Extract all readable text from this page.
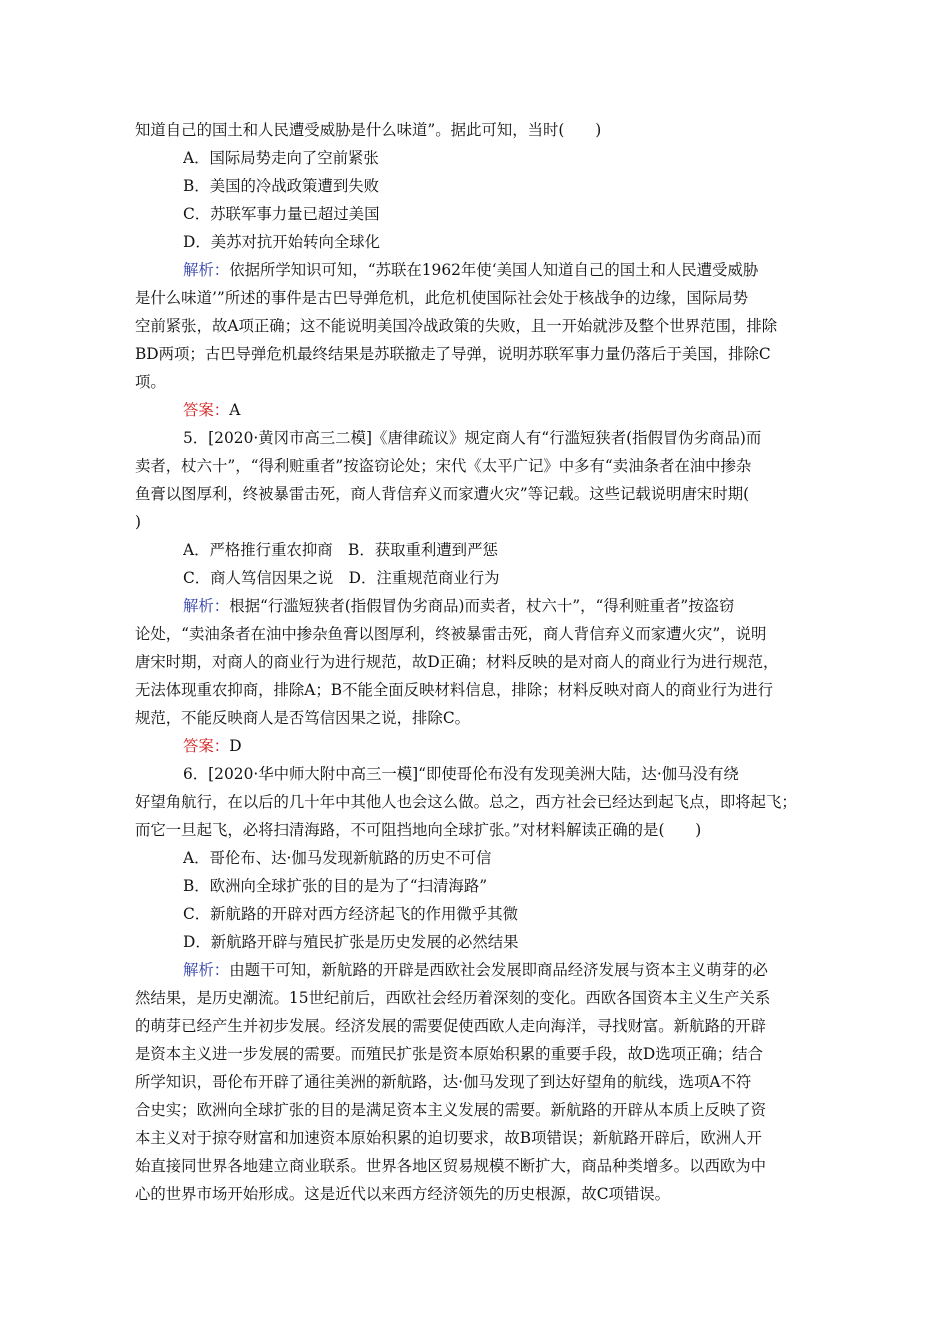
知道自己的国土和人民遭受威胁是什么味道”。据此可知，当时(　　)
A．国际局势走向了空前紧张
B．美国的冷战政策遭到失败
C．苏联军事力量已超过美国
D．美苏对抗开始转向全球化
解析：依据所学知识可知，“苏联在1962年使‘美国人知道自己的国土和人民遭受威胁
是什么味道’”所述的事件是古巴导弹危机，此危机使国际社会处于核战争的边缘，国际局势
空前紧张，故A项正确；这不能说明美国冷战政策的失败，且一开始就涉及整个世界范围，排除
BD两项；古巴导弹危机最终结果是苏联撤走了导弹，说明苏联军事力量仍落后于美国，排除C
项。
答案：A
5．[2020·黄冈市高三二模]《唐律疏议》规定商人有“行滥短狭者(指假冒伪劣商品)而
卖者，杖六十”，“得利赃重者”按盗窃论处；宋代《太平广记》中多有“卖油条者在油中掺杂
鱼膏以图厚利，终被暴雷击死，商人背信弃义而家遭火灾”等记载。这些记载说明唐宋时期(
)
A．严格推行重农抑商　B．获取重利遭到严惩
C．商人笃信因果之说　D．注重规范商业行为
解析：根据“行滥短狭者(指假冒伪劣商品)而卖者，杖六十”，“得利赃重者”按盗窃
论处，“卖油条者在油中掺杂鱼膏以图厚利，终被暴雷击死，商人背信弃义而家遭火灾”，说明
唐宋时期，对商人的商业行为进行规范，故D正确；材料反映的是对商人的商业行为进行规范，
无法体现重农抑商，排除A；B不能全面反映材料信息，排除；材料反映对商人的商业行为进行
规范，不能反映商人是否笃信因果之说，排除C。
答案：D
6．[2020·华中师大附中高三一模]“即使哥伦布没有发现美洲大陆，达·伽马没有绕
好望角航行，在以后的几十年中其他人也会这么做。总之，西方社会已经达到起飞点，即将起飞；
而它一旦起飞，必将扫清海路，不可阻挡地向全球扩张。”对材料解读正确的是(　　)
A．哥伦布、达·伽马发现新航路的历史不可信
B．欧洲向全球扩张的目的是为了“扫清海路”
C．新航路的开辟对西方经济起飞的作用微乎其微
D．新航路开辟与殖民扩张是历史发展的必然结果
解析：由题干可知，新航路的开辟是西欧社会发展即商品经济发展与资本主义萌芽的必
然结果，是历史潮流。15世纪前后，西欧社会经历着深刻的变化。西欧各国资本主义生产关系
的萌芽已经产生并初步发展。经济发展的需要促使西欧人走向海洋，寻找财富。新航路的开辟
是资本主义进一步发展的需要。而殖民扩张是资本原始积累的重要手段，故D选项正确；结合
所学知识，哥伦布开辟了通往美洲的新航路，达·伽马发现了到达好望角的航线，选项A不符
合史实；欧洲向全球扩张的目的是满足资本主义发展的需要。新航路的开辟从本质上反映了资
本主义对于掠夺财富和加速资本原始积累的迫切要求，故B项错误；新航路开辟后，欧洲人开
始直接同世界各地建立商业联系。世界各地区贸易规模不断扩大，商品种类增多。以西欧为中
心的世界市场开始形成。这是近代以来西方经济领先的历史根源，故C项错误。
